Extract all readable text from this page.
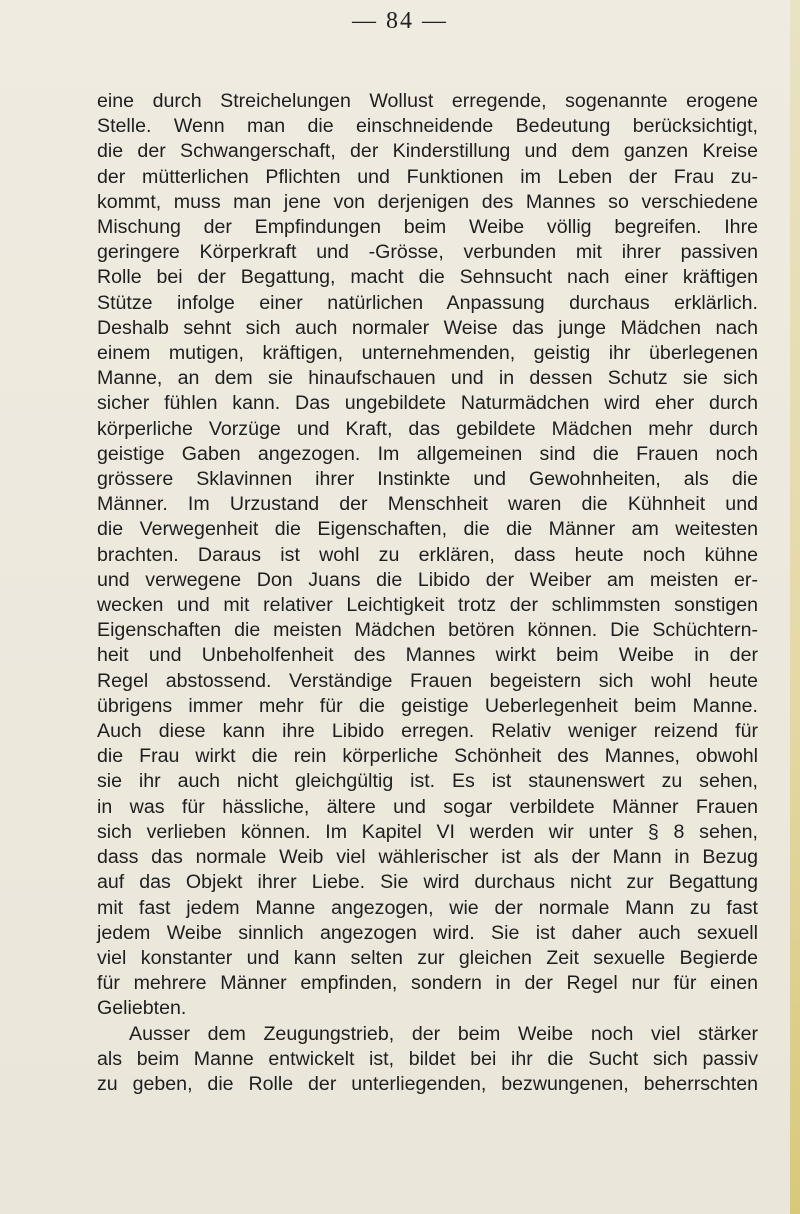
— 84 —

eine durch Streichelungen Wollust erregende, sogenannte erogene
Stelle. Wenn man die einschneidende Bedeutung berücksichtigt,
die der Schwangerschaft, der Kinderstillung und dem ganzen Kreise
der mütterlichen Pflichten und Funktionen im Leben der Frau zu-
kommt, muss man jene von derjenigen des Mannes so verschiedene
Mischung der Empfindungen beim Weibe völlig begreifen. Ihre
geringere Körperkraft und -Grösse, verbunden mit ihrer passiven
Rolle bei der Begattung, macht die Sehnsucht nach einer kräftigen
Stütze infolge einer natürlichen Anpassung durchaus erklärlich.
Deshalb sehnt sich auch normaler Weise das junge Mädchen nach
einem mutigen, kräftigen, unternehmenden, geistig ihr überlegenen
Manne, an dem sie hinaufschauen und in dessen Schutz sie sich
sicher fühlen kann. Das ungebildete Naturmädchen wird eher durch
körperliche Vorzüge und Kraft, das gebildete Mädchen mehr durch
geistige Gaben angezogen. Im allgemeinen sind die Frauen noch
grössere Sklavinnen ihrer Instinkte und Gewohnheiten, als die
Männer. Im Urzustand der Menschheit waren die Kühnheit und
die Verwegenheit die Eigenschaften, die die Männer am weitesten
brachten. Daraus ist wohl zu erklären, dass heute noch kühne
und verwegene Don Juans die Libido der Weiber am meisten er-
wecken und mit relativer Leichtigkeit trotz der schlimmsten sonstigen
Eigenschaften die meisten Mädchen betören können. Die Schüchtern-
heit und Unbeholfenheit des Mannes wirkt beim Weibe in der
Regel abstossend. Verständige Frauen begeistern sich wohl heute
übrigens immer mehr für die geistige Ueberlegenheit beim Manne.
Auch diese kann ihre Libido erregen. Relativ weniger reizend für
die Frau wirkt die rein körperliche Schönheit des Mannes, obwohl
sie ihr auch nicht gleichgültig ist. Es ist staunenswert zu sehen,
in was für hässliche, ältere und sogar verbildete Männer Frauen
sich verlieben können. Im Kapitel VI werden wir unter § 8 sehen,
dass das normale Weib viel wählerischer ist als der Mann in Bezug
auf das Objekt ihrer Liebe. Sie wird durchaus nicht zur Begattung
mit fast jedem Manne angezogen, wie der normale Mann zu fast
jedem Weibe sinnlich angezogen wird. Sie ist daher auch sexuell
viel konstanter und kann selten zur gleichen Zeit sexuelle Begierde
für mehrere Männer empfinden, sondern in der Regel nur für einen
Geliebten.

Ausser dem Zeugungstrieb, der beim Weibe noch viel stärker
als beim Manne entwickelt ist, bildet bei ihr die Sucht sich passiv
zu geben, die Rolle der unterliegenden, bezwungenen, beherrschten
